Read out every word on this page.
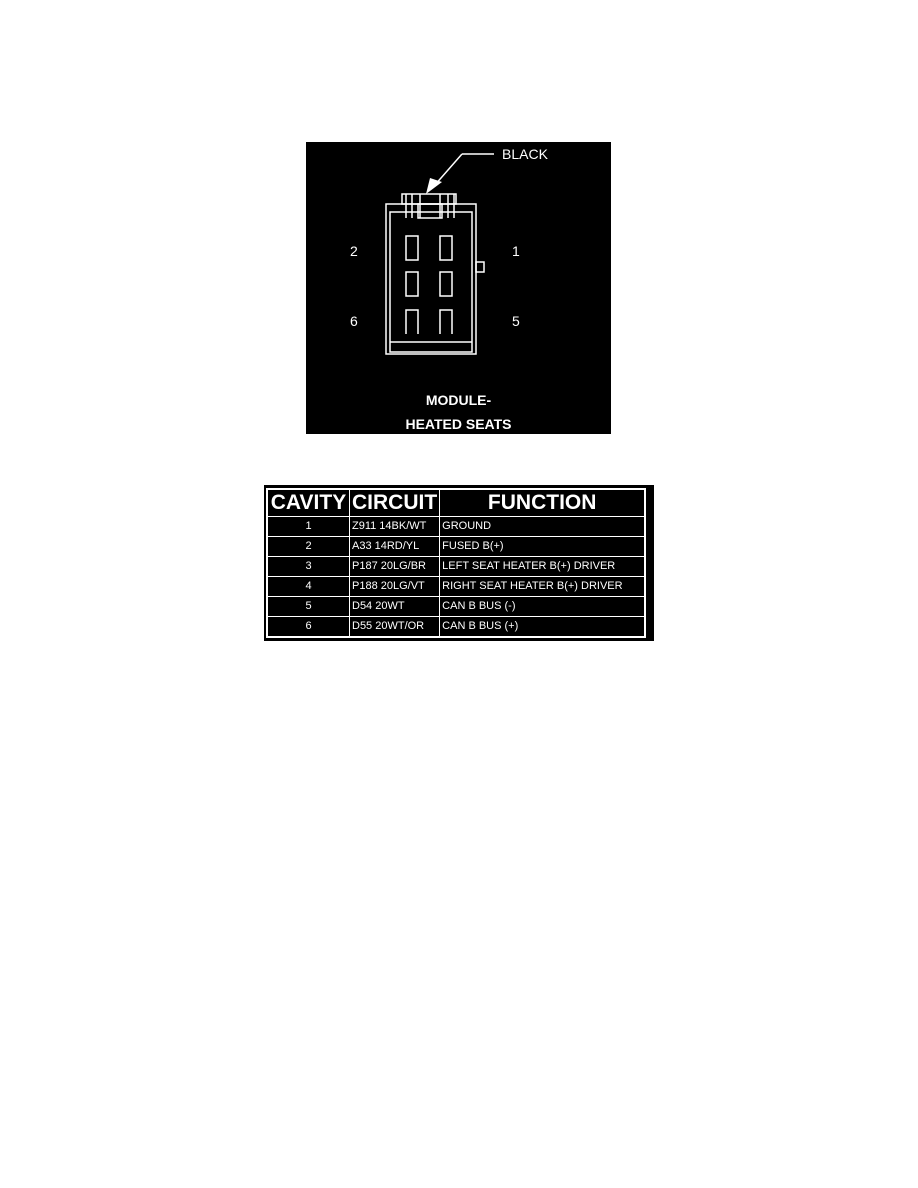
BLACK
2	1
6	5
MODULE-
HEATED SEATS
CAVITY	CIRCUIT	FUNCTION
1	Z911 14BK/WT	GROUND
2	A33 14RD/YL	FUSED B(+)
3	P187 20LG/BR	LEFT SEAT HEATER B(+) DRIVER
4	P188 20LG/VT	RIGHT SEAT HEATER B(+) DRIVER
5	D54 20WT	CAN B BUS (-)
6	D55 20WT/OR	CAN B BUS (+)
